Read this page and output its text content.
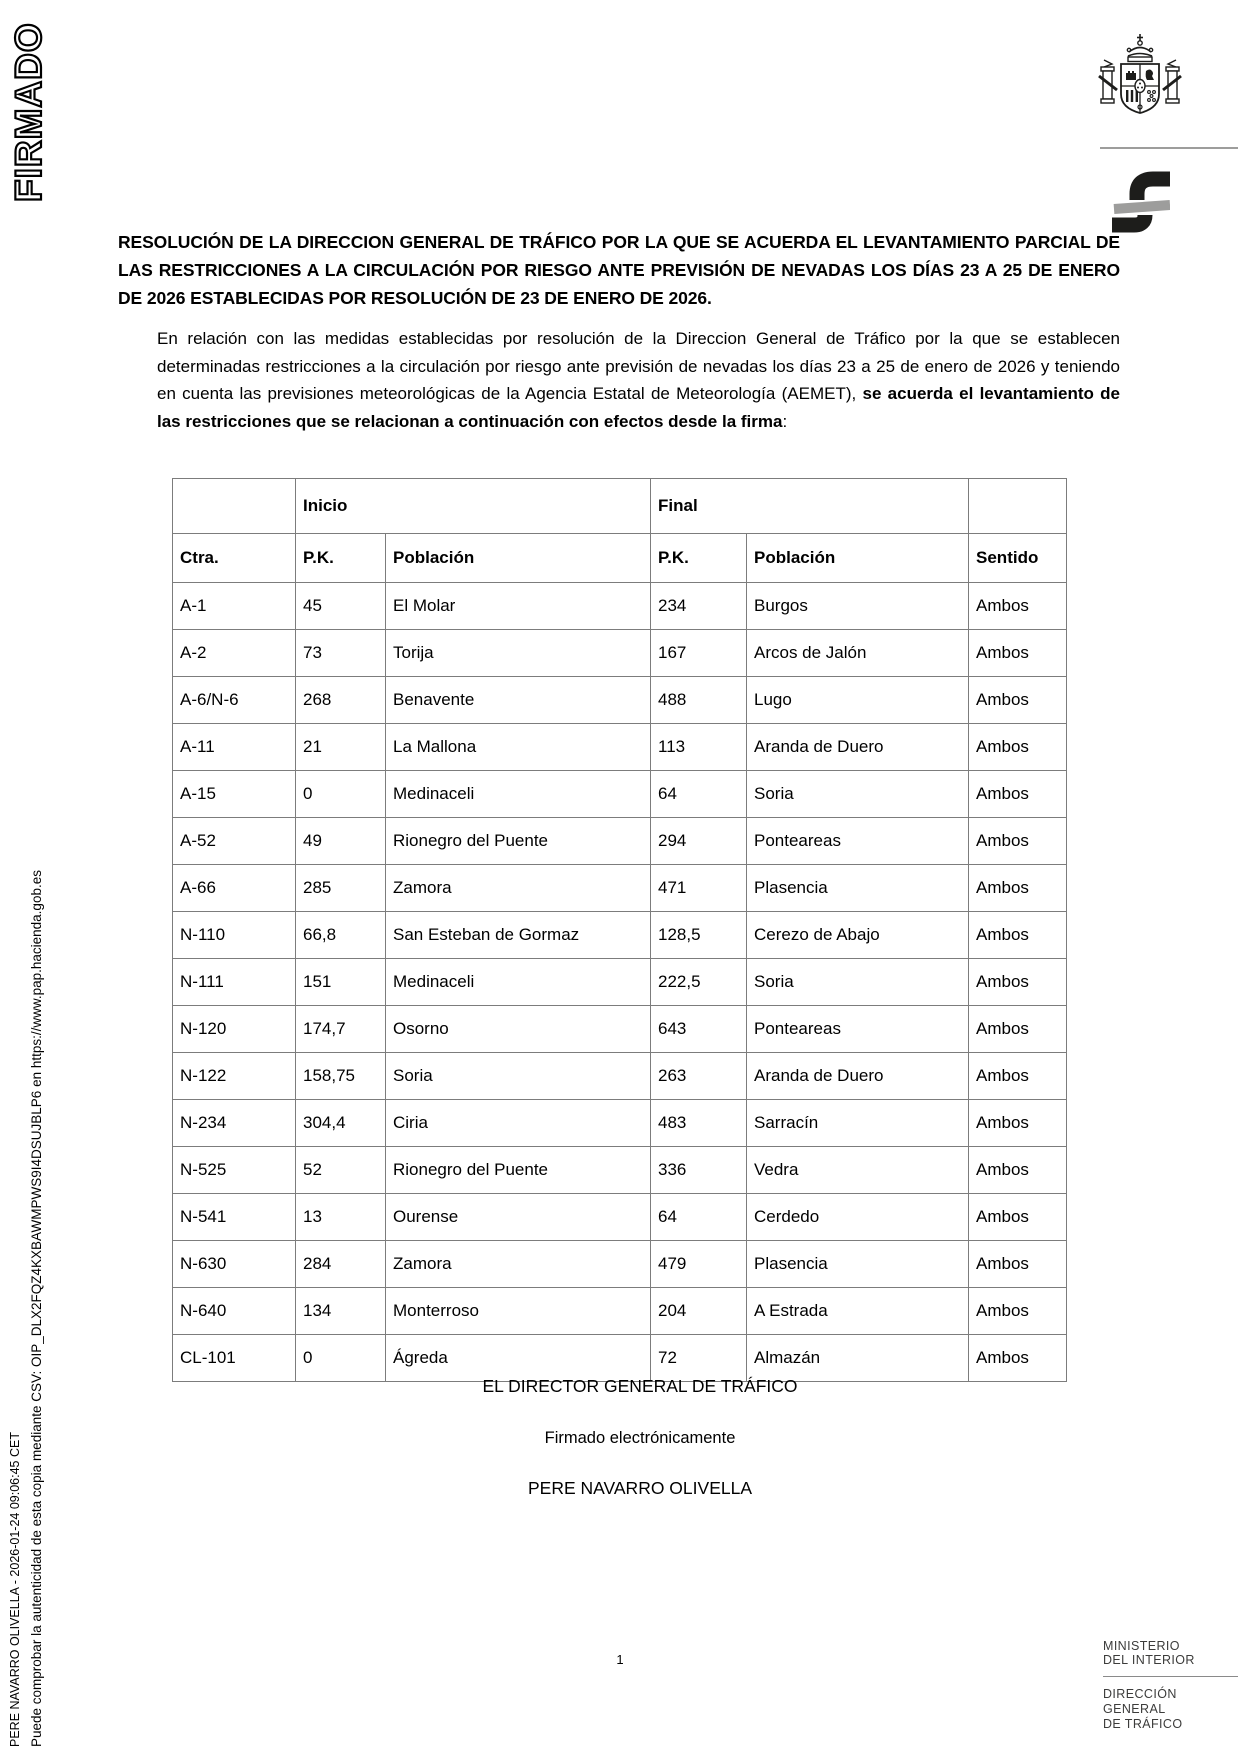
FIRMADO
PERE NAVARRO OLIVELLA - 2026-01-24 09:06:45 CET Puede comprobar la autenticidad de esta copia mediante CSV: OIP_DLX2FQZ4KXBAWMPWS9I4DSUJBLP6 en https://www.pap.hacienda.gob.es

RESOLUCIÓN DE LA DIRECCION GENERAL DE TRÁFICO POR LA QUE SE ACUERDA EL LEVANTAMIENTO PARCIAL DE LAS RESTRICCIONES A LA CIRCULACIÓN POR RIESGO ANTE PREVISIÓN DE NEVADAS LOS DÍAS 23 A 25 DE ENERO DE 2026 ESTABLECIDAS POR RESOLUCIÓN DE 23 DE ENERO DE 2026.

En relación con las medidas establecidas por resolución de la Direccion General de Tráfico por la que se establecen determinadas restricciones a la circulación por riesgo ante previsión de nevadas los días 23 a 25 de enero de 2026 y teniendo en cuenta las previsiones meteorológicas de la Agencia Estatal de Meteorología (AEMET), se acuerda el levantamiento de las restricciones que se relacionan a continuación con efectos desde la firma:

	Inicio		Final		
Ctra.	P.K.	Población	P.K.	Población	Sentido
A-1	45	El Molar	234	Burgos	Ambos
A-2	73	Torija	167	Arcos de Jalón	Ambos
A-6/N-6	268	Benavente	488	Lugo	Ambos
A-11	21	La Mallona	113	Aranda de Duero	Ambos
A-15	0	Medinaceli	64	Soria	Ambos
A-52	49	Rionegro del Puente	294	Ponteareas	Ambos
A-66	285	Zamora	471	Plasencia	Ambos
N-110	66,8	San Esteban de Gormaz	128,5	Cerezo de Abajo	Ambos
N-111	151	Medinaceli	222,5	Soria	Ambos
N-120	174,7	Osorno	643	Ponteareas	Ambos
N-122	158,75	Soria	263	Aranda de Duero	Ambos
N-234	304,4	Ciria	483	Sarracín	Ambos
N-525	52	Rionegro del Puente	336	Vedra	Ambos
N-541	13	Ourense	64	Cerdedo	Ambos
N-630	284	Zamora	479	Plasencia	Ambos
N-640	134	Monterroso	204	A Estrada	Ambos
CL-101	0	Ágreda	72	Almazán	Ambos

EL DIRECTOR GENERAL DE TRÁFICO

Firmado electrónicamente

PERE NAVARRO OLIVELLA

1
MINISTERIO
DEL INTERIOR
DIRECCIÓN
GENERAL
DE TRÁFICO
